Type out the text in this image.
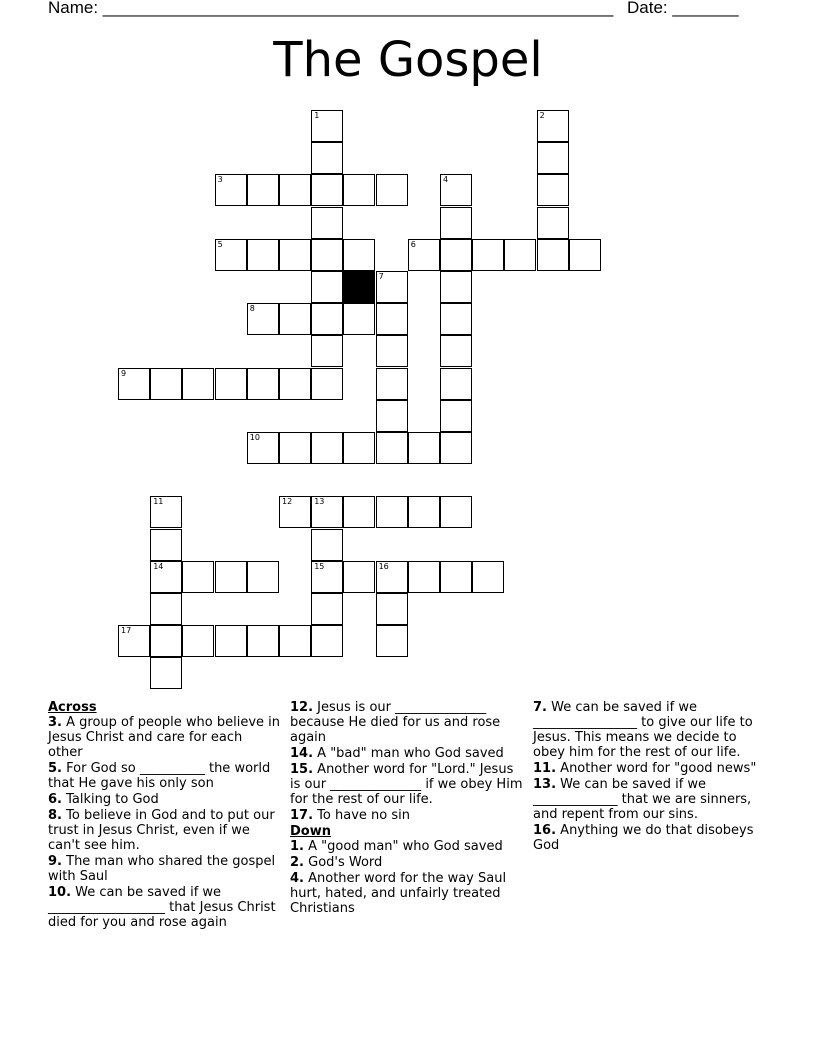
Name: ______________________________________________________ Date: _______
The Gospel
3
5	6
8
9
10
12	13
14	15	16
17
1	2
4
7
11

Across

3. A group of people who believe in Jesus Christ and care for each other

5. For God so __________ the world that He gave his only son

6. Talking to God

8. To believe in God and to put our trust in Jesus Christ, even if we can't see him.

9. The man who shared the gospel with Saul

10. We can be saved if we __________________ that Jesus Christ died for you and rose again

12. Jesus is our ______________ because He died for us and rose again

14. A "bad" man who God saved

15. Another word for "Lord." Jesus is our ______________ if we obey Him for the rest of our life.

17. To have no sin

Down

1. A "good man" who God saved

2. God's Word

4. Another word for the way Saul hurt, hated, and unfairly treated Christians

7. We can be saved if we ________________ to give our life to Jesus. This means we decide to obey him for the rest of our life.

11. Another word for "good news"

13. We can be saved if we _____________ that we are sinners, and repent from our sins.

16. Anything we do that disobeys God
